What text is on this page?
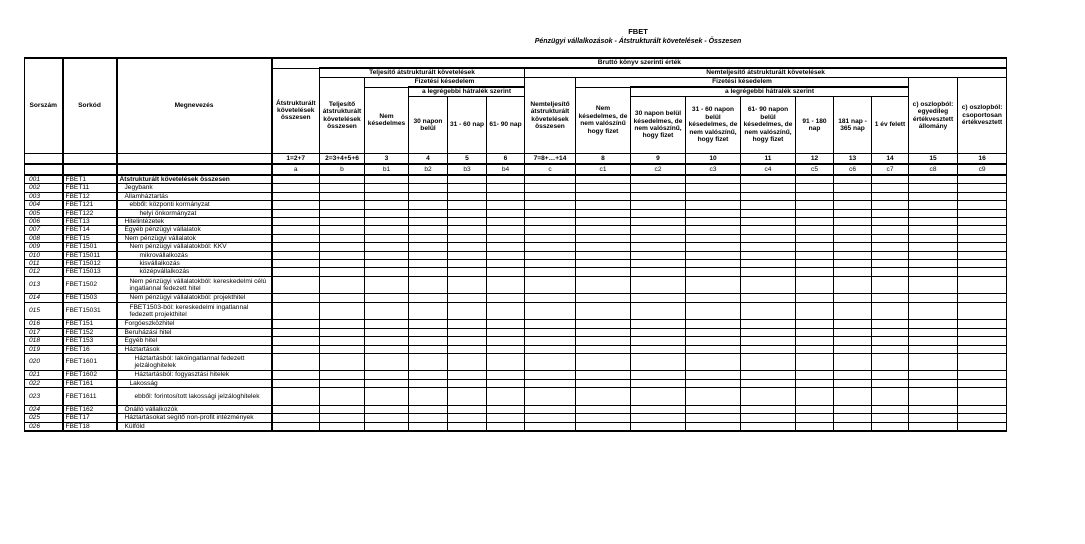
FBET
Pénzügyi vállalkozások - Átstrukturált követelések - Összesen
Sorszám	Sorkód	Megnevezés	Bruttó könyv szerinti érték															
			Átstrukturált követelések összesen	Teljesítő átstrukturált követelések					Nemteljesítő átstrukturált követelések									
				Teljesítő átstrukturált követelések összesen	Fizetési késedelem				Nemteljesítő átstrukturált követelések összesen	Fizetési késedelem							c) oszlopból: egyedileg értékvesztett állomány	c) oszlopból: csoportosan értékvesztett
					Nem késedelmes	a legrégebbi hátralék szerint				Nem késedelmes, de nem valószínű hogy fizet	a legrégebbi hátralék szerint							
						30 napon belül	31 - 60 nap	61- 90 nap			30 napon belül késedelmes, de nem valószínű, hogy fizet	31 - 60 napon belül késedelmes, de nem valószínű, hogy fizet	61- 90 napon belül késedelmes, de nem valószínű, hogy fizet	91 - 180 nap	181 nap - 365 nap	1 év felett		
			1=2+7	2=3+4+5+6	3	4	5	6	7=8+…+14	8	9	10	11	12	13	14	15	16
			a	b	b1	b2	b3	b4	c	c1	c2	c3	c4	c5	c6	c7	c8	c9
001	FBET1	Átstrukturált követelések összesen																
002	FBET11	Jegybank																
003	FBET12	Államháztartás																
004	FBET121	ebből: központi kormányzat																
005	FBET122	helyi önkormányzat																
006	FBET13	Hitelintézetek																
007	FBET14	Egyéb pénzügyi vállalatok																
008	FBET15	Nem pénzügyi vállalatok																
009	FBET1501	Nem pénzügyi vállalatokból: KKV																
010	FBET15011	mikrovállalkozás																
011	FBET15012	kisvállalkozás																
012	FBET15013	középvállalkozás																
013	FBET1502	Nem pénzügyi vállalatokból: kereskedelmi célú ingatlannal fedezett hitel																
014	FBET1503	Nem pénzügyi vállalatokból: projekthitel																
015	FBET15031	FBET1503-ból: kereskedelmi ingatlannal fedezett projekthitel																
016	FBET151	Forgóeszközhitel																
017	FBET152	Beruházási hitel																
018	FBET153	Egyéb hitel																
019	FBET16	Háztartások																
020	FBET1601	Háztartásból: lakóingatlannal fedezett jelzáloghitelek																
021	FBET1602	Háztartásból: fogyasztási hitelek																
022	FBET161	Lakosság																
023	FBET1611	ebből: forintosított lakossági jelzáloghitelek																
024	FBET162	Önálló vállalkozók																
025	FBET17	Háztartásokat segítő non-profit intézmények																
026	FBET18	Külföld																
